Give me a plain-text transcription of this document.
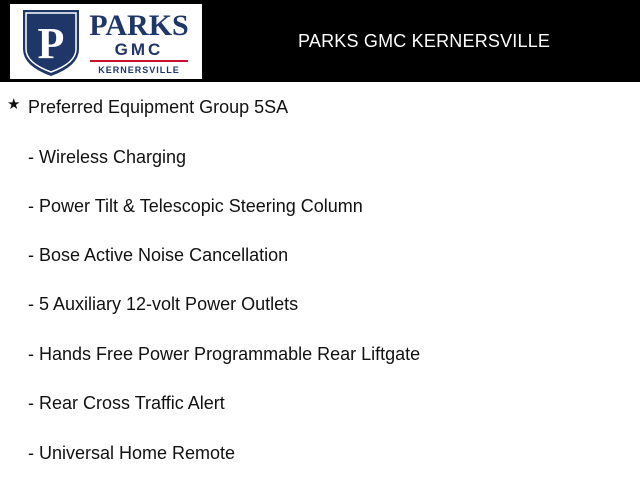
P PARKS
GMC
KERNERSVILLE
PARKS GMC KERNERSVILLE
★ Preferred Equipment Group 5SA
- Wireless Charging
- Power Tilt & Telescopic Steering Column
- Bose Active Noise Cancellation
- 5 Auxiliary 12-volt Power Outlets
- Hands Free Power Programmable Rear Liftgate
- Rear Cross Traffic Alert
- Universal Home Remote
